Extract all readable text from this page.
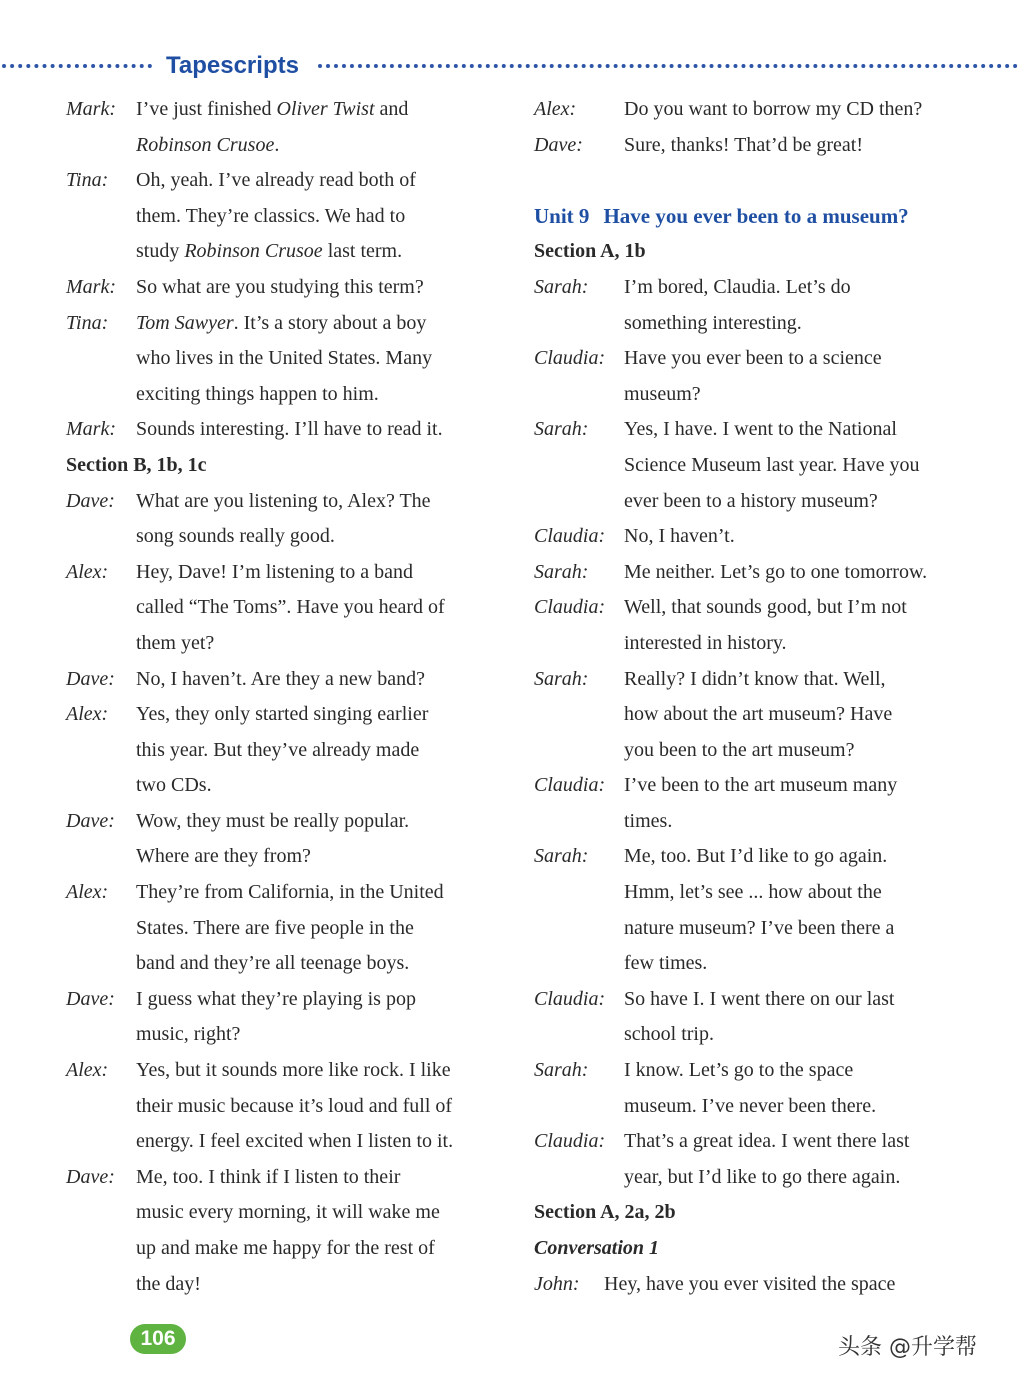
Tapescripts
Mark:	I’ve just finished Oliver Twist and
Robinson Crusoe.
Tina:	Oh, yeah. I’ve already read both of
them. They’re classics. We had to
study Robinson Crusoe last term.
Mark:	So what are you studying this term?
Tina:	Tom Sawyer. It’s a story about a boy
who lives in the United States. Many
exciting things happen to him.
Mark:	Sounds interesting. I’ll have to read it.
Section B, 1b, 1c
Dave:	What are you listening to, Alex? The
song sounds really good.
Alex:	Hey, Dave! I’m listening to a band
called “The Toms”. Have you heard of
them yet?
Dave:	No, I haven’t. Are they a new band?
Alex:	Yes, they only started singing earlier
this year. But they’ve already made
two CDs.
Dave:	Wow, they must be really popular.
Where are they from?
Alex:	They’re from California, in the United
States. There are five people in the
band and they’re all teenage boys.
Dave:	I guess what they’re playing is pop
music, right?
Alex:	Yes, but it sounds more like rock. I like
their music because it’s loud and full of
energy. I feel excited when I listen to it.
Dave:	Me, too. I think if I listen to their
music every morning, it will wake me
up and make me happy for the rest of
the day!
Alex:	Do you want to borrow my CD then?
Dave:	Sure, thanks! That’d be great!
Unit 9 Have you ever been to a museum?
Section A, 1b
Sarah:	I’m bored, Claudia. Let’s do
something interesting.
Claudia: Have you ever been to a science
museum?
Sarah:	Yes, I have. I went to the National
Science Museum last year. Have you
ever been to a history museum?
Claudia: No, I haven’t.
Sarah:	Me neither. Let’s go to one tomorrow.
Claudia: Well, that sounds good, but I’m not
interested in history.
Sarah:	Really? I didn’t know that. Well,
how about the art museum? Have
you been to the art museum?
Claudia: I’ve been to the art museum many
times.
Sarah:	Me, too. But I’d like to go again.
Hmm, let’s see ... how about the
nature museum? I’ve been there a
few times.
Claudia: So have I. I went there on our last
school trip.
Sarah:	I know. Let’s go to the space
museum. I’ve never been there.
Claudia: That’s a great idea. I went there last
year, but I’d like to go there again.
Section A, 2a, 2b
Conversation 1
John:	Hey, have you ever visited the space
106	头条 @升学帮
